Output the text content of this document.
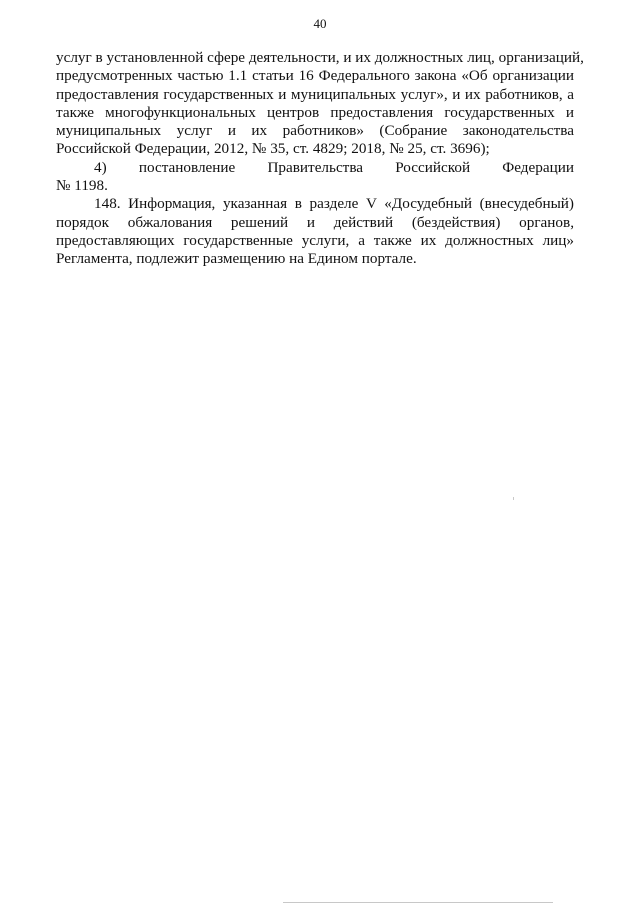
40
услуг в установленной сфере деятельности, и их должностных лиц, организаций,
предусмотренных частью 1.1 статьи 16 Федерального закона «Об организации
предоставления государственных и муниципальных услуг», и их работников, а
также многофункциональных центров предоставления государственных и
муниципальных услуг и их работников» (Собрание законодательства
Российской Федерации, 2012, № 35, ст. 4829; 2018, № 25, ст. 3696);
4) постановление Правительства Российской Федерации
№ 1198.
148. Информация, указанная в разделе V «Досудебный (внесудебный)
порядок обжалования решений и действий (бездействия) органов,
предоставляющих государственные услуги, а также их должностных лиц»
Регламента, подлежит размещению на Едином портале.
